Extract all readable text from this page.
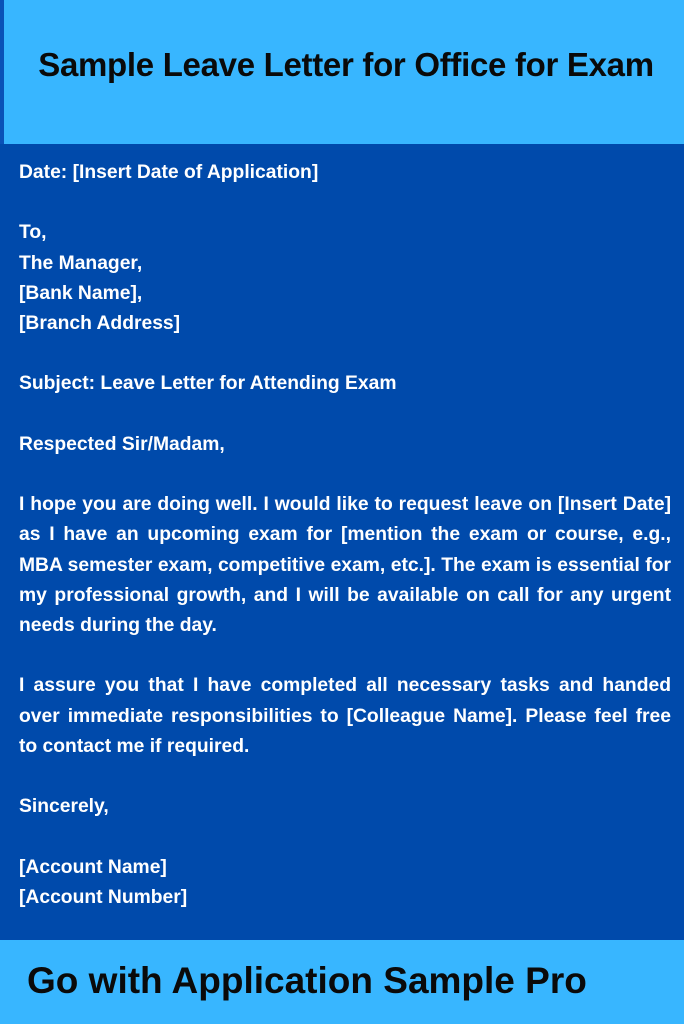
Sample Leave Letter for Office for Exam

Date: [Insert Date of Application]

To,

The Manager,

[Bank Name],

[Branch Address]

Subject: Leave Letter for Attending Exam

Respected Sir/Madam,

I hope you are doing well. I would like to request leave on [Insert Date] as I have an upcoming exam for [mention the exam or course, e.g., MBA semester exam, competitive exam, etc.]. The exam is essential for my professional growth, and I will be available on call for any urgent needs during the day.

I assure you that I have completed all necessary tasks and handed over immediate responsibilities to [Colleague Name]. Please feel free to contact me if required.

Sincerely,

[Account Name]

[Account Number]

Go with Application Sample Pro
